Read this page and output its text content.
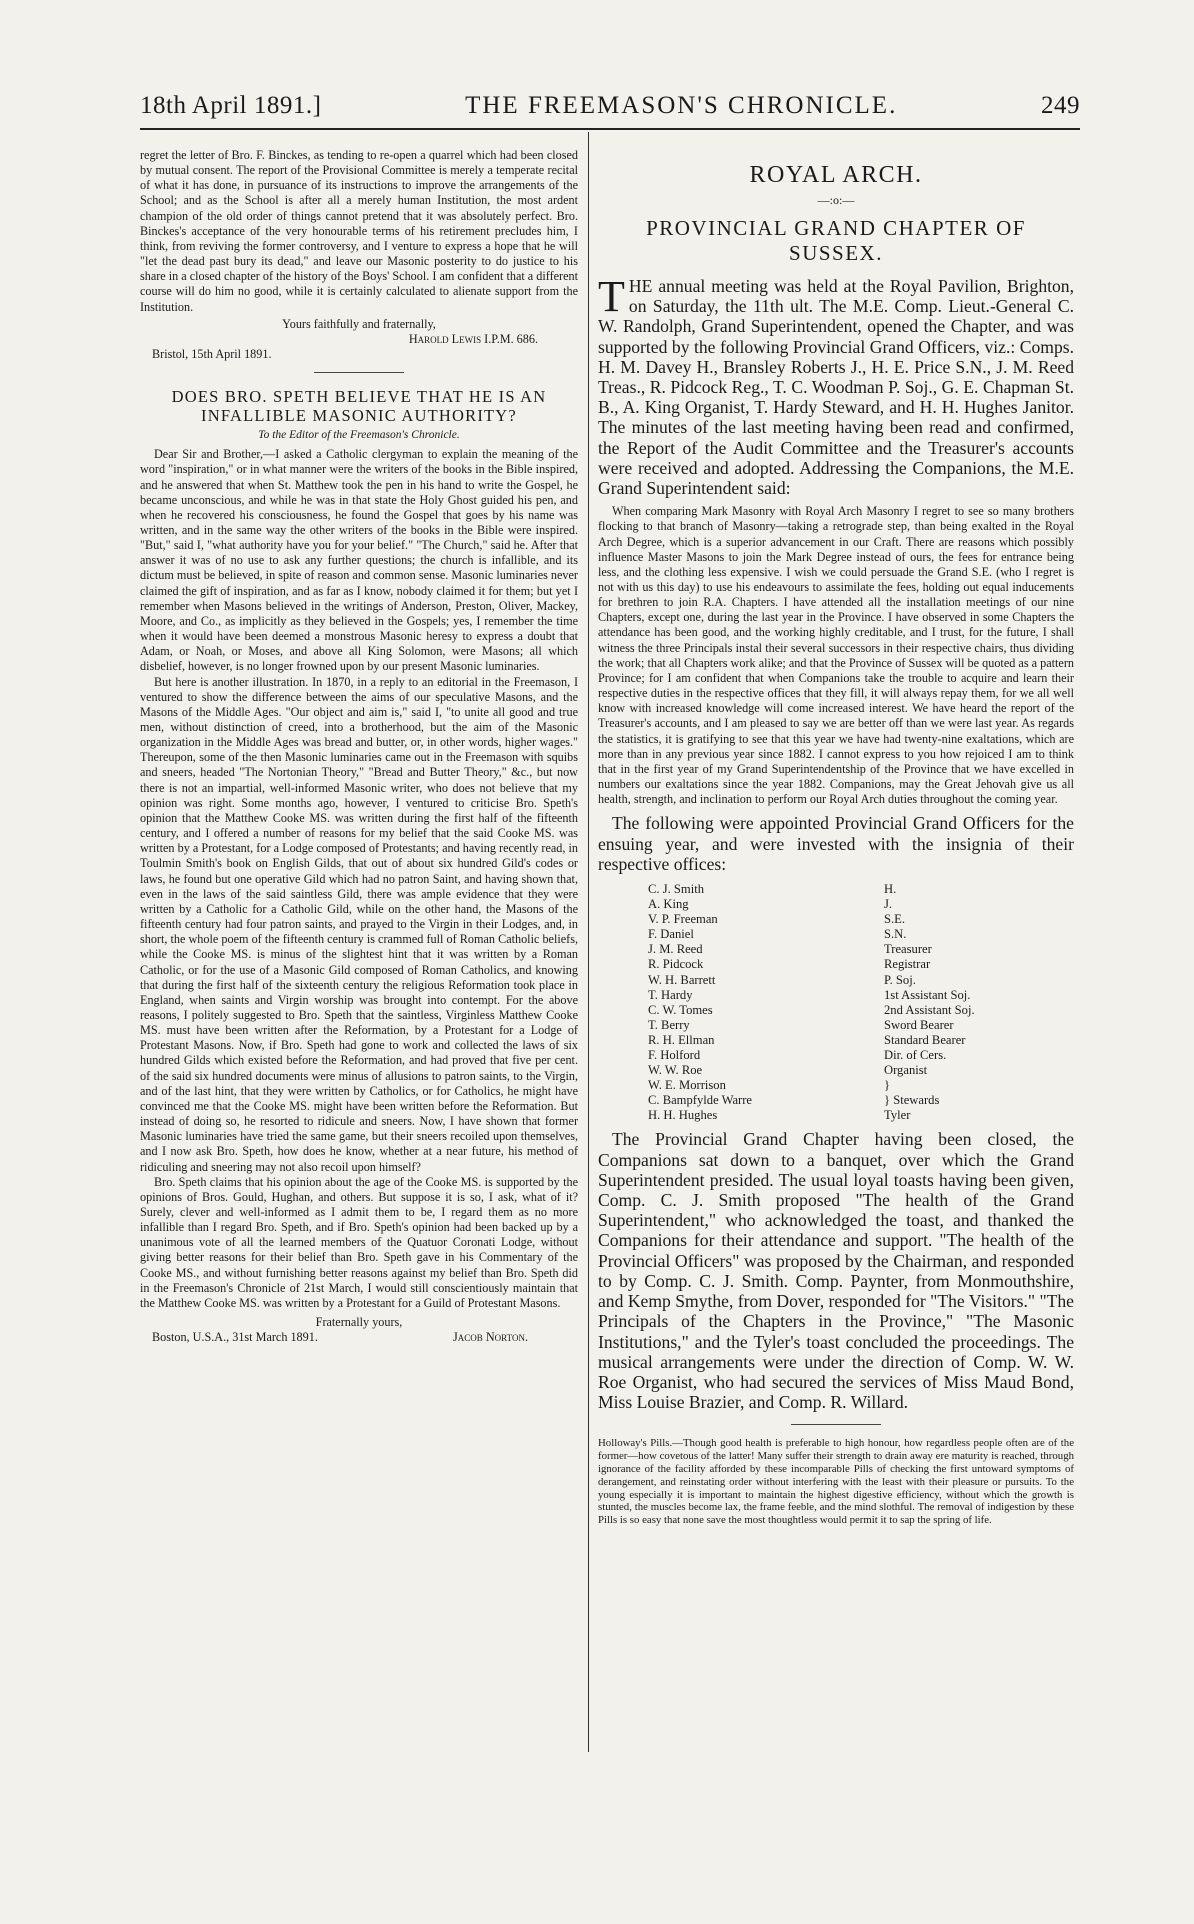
18th April 1891.]	THE FREEMASON'S CHRONICLE.	249

regret the letter of Bro. F. Binckes, as tending to re-open a quarrel which had been closed by mutual consent. The report of the Provisional Committee is merely a temperate recital of what it has done, in pursuance of its instructions to improve the arrangements of the School; and as the School is after all a merely human Institution, the most ardent champion of the old order of things cannot pretend that it was absolutely perfect. Bro. Binckes's acceptance of the very honourable terms of his retirement precludes him, I think, from reviving the former controversy, and I venture to express a hope that he will "let the dead past bury its dead," and leave our Masonic posterity to do justice to his share in a closed chapter of the history of the Boys' School. I am confident that a different course will do him no good, while it is certainly calculated to alienate support from the Institution.

Yours faithfully and fraternally,

Harold Lewis I.P.M. 686.

Bristol, 15th April 1891.

DOES BRO. SPETH BELIEVE THAT HE IS AN INFALLIBLE MASONIC AUTHORITY?
To the Editor of the Freemason's Chronicle.

Dear Sir and Brother,—I asked a Catholic clergyman to explain the meaning of the word "inspiration," or in what manner were the writers of the books in the Bible inspired, and he answered that when St. Matthew took the pen in his hand to write the Gospel, he became unconscious, and while he was in that state the Holy Ghost guided his pen, and when he recovered his consciousness, he found the Gospel that goes by his name was written, and in the same way the other writers of the books in the Bible were inspired. "But," said I, "what authority have you for your belief." "The Church," said he. After that answer it was of no use to ask any further questions; the church is infallible, and its dictum must be believed, in spite of reason and common sense. Masonic luminaries never claimed the gift of inspiration, and as far as I know, nobody claimed it for them; but yet I remember when Masons believed in the writings of Anderson, Preston, Oliver, Mackey, Moore, and Co., as implicitly as they believed in the Gospels; yes, I remember the time when it would have been deemed a monstrous Masonic heresy to express a doubt that Adam, or Noah, or Moses, and above all King Solomon, were Masons; all which disbelief, however, is no longer frowned upon by our present Masonic luminaries.

But here is another illustration. In 1870, in a reply to an editorial in the Freemason, I ventured to show the difference between the aims of our speculative Masons, and the Masons of the Middle Ages. "Our object and aim is," said I, "to unite all good and true men, without distinction of creed, into a brotherhood, but the aim of the Masonic organization in the Middle Ages was bread and butter, or, in other words, higher wages." Thereupon, some of the then Masonic luminaries came out in the Freemason with squibs and sneers, headed "The Nortonian Theory," "Bread and Butter Theory," &c., but now there is not an impartial, well-informed Masonic writer, who does not believe that my opinion was right. Some months ago, however, I ventured to criticise Bro. Speth's opinion that the Matthew Cooke MS. was written during the first half of the fifteenth century, and I offered a number of reasons for my belief that the said Cooke MS. was written by a Protestant, for a Lodge composed of Protestants; and having recently read, in Toulmin Smith's book on English Gilds, that out of about six hundred Gild's codes or laws, he found but one operative Gild which had no patron Saint, and having shown that, even in the laws of the said saintless Gild, there was ample evidence that they were written by a Catholic for a Catholic Gild, while on the other hand, the Masons of the fifteenth century had four patron saints, and prayed to the Virgin in their Lodges, and, in short, the whole poem of the fifteenth century is crammed full of Roman Catholic beliefs, while the Cooke MS. is minus of the slightest hint that it was written by a Roman Catholic, or for the use of a Masonic Gild composed of Roman Catholics, and knowing that during the first half of the sixteenth century the religious Reformation took place in England, when saints and Virgin worship was brought into contempt. For the above reasons, I politely suggested to Bro. Speth that the saintless, Virginless Matthew Cooke MS. must have been written after the Reformation, by a Protestant for a Lodge of Protestant Masons. Now, if Bro. Speth had gone to work and collected the laws of six hundred Gilds which existed before the Reformation, and had proved that five per cent. of the said six hundred documents were minus of allusions to patron saints, to the Virgin, and of the last hint, that they were written by Catholics, or for Catholics, he might have convinced me that the Cooke MS. might have been written before the Reformation. But instead of doing so, he resorted to ridicule and sneers. Now, I have shown that former Masonic luminaries have tried the same game, but their sneers recoiled upon themselves, and I now ask Bro. Speth, how does he know, whether at a near future, his method of ridiculing and sneering may not also recoil upon himself?

Bro. Speth claims that his opinion about the age of the Cooke MS. is supported by the opinions of Bros. Gould, Hughan, and others. But suppose it is so, I ask, what of it? Surely, clever and well-informed as I admit them to be, I regard them as no more infallible than I regard Bro. Speth, and if Bro. Speth's opinion had been backed up by a unanimous vote of all the learned members of the Quatuor Coronati Lodge, without giving better reasons for their belief than Bro. Speth gave in his Commentary of the Cooke MS., and without furnishing better reasons against my belief than Bro. Speth did in the Freemason's Chronicle of 21st March, I would still conscientiously maintain that the Matthew Cooke MS. was written by a Protestant for a Guild of Protestant Masons.

Fraternally yours,

Boston, U.S.A., 31st March 1891.	Jacob Norton.
ROYAL ARCH.
—:o:—
PROVINCIAL GRAND CHAPTER OF SUSSEX.

THE annual meeting was held at the Royal Pavilion, Brighton, on Saturday, the 11th ult. The M.E. Comp. Lieut.-General C. W. Randolph, Grand Superintendent, opened the Chapter, and was supported by the following Provincial Grand Officers, viz.: Comps. H. M. Davey H., Bransley Roberts J., H. E. Price S.N., J. M. Reed Treas., R. Pidcock Reg., T. C. Woodman P. Soj., G. E. Chapman St. B., A. King Organist, T. Hardy Steward, and H. H. Hughes Janitor. The minutes of the last meeting having been read and confirmed, the Report of the Audit Committee and the Treasurer's accounts were received and adopted. Addressing the Companions, the M.E. Grand Superintendent said:

When comparing Mark Masonry with Royal Arch Masonry I regret to see so many brothers flocking to that branch of Masonry—taking a retrograde step, than being exalted in the Royal Arch Degree, which is a superior advancement in our Craft. There are reasons which possibly influence Master Masons to join the Mark Degree instead of ours, the fees for entrance being less, and the clothing less expensive. I wish we could persuade the Grand S.E. (who I regret is not with us this day) to use his endeavours to assimilate the fees, holding out equal inducements for brethren to join R.A. Chapters. I have attended all the installation meetings of our nine Chapters, except one, during the last year in the Province. I have observed in some Chapters the attendance has been good, and the working highly creditable, and I trust, for the future, I shall witness the three Principals instal their several successors in their respective chairs, thus dividing the work; that all Chapters work alike; and that the Province of Sussex will be quoted as a pattern Province; for I am confident that when Companions take the trouble to acquire and learn their respective duties in the respective offices that they fill, it will always repay them, for we all well know with increased knowledge will come increased interest. We have heard the report of the Treasurer's accounts, and I am pleased to say we are better off than we were last year. As regards the statistics, it is gratifying to see that this year we have had twenty-nine exaltations, which are more than in any previous year since 1882. I cannot express to you how rejoiced I am to think that in the first year of my Grand Superintendentship of the Province that we have excelled in numbers our exaltations since the year 1882. Companions, may the Great Jehovah give us all health, strength, and inclination to perform our Royal Arch duties throughout the coming year.

The following were appointed Provincial Grand Officers for the ensuing year, and were invested with the insignia of their respective offices:

C. J. Smith	H.
A. King	J.
V. P. Freeman	S.E.
F. Daniel	S.N.
J. M. Reed	Treasurer
R. Pidcock	Registrar
W. H. Barrett	P. Soj.
T. Hardy	1st Assistant Soj.
C. W. Tomes	2nd Assistant Soj.
T. Berry	Sword Bearer
R. H. Ellman	Standard Bearer
F. Holford	Dir. of Cers.
W. W. Roe	Organist
W. E. Morrison	}
C. Bampfylde Warre	} Stewards
H. H. Hughes	Tyler

The Provincial Grand Chapter having been closed, the Companions sat down to a banquet, over which the Grand Superintendent presided. The usual loyal toasts having been given, Comp. C. J. Smith proposed "The health of the Grand Superintendent," who acknowledged the toast, and thanked the Companions for their attendance and support. "The health of the Provincial Officers" was proposed by the Chairman, and responded to by Comp. C. J. Smith. Comp. Paynter, from Monmouthshire, and Kemp Smythe, from Dover, responded for "The Visitors." "The Principals of the Chapters in the Province," "The Masonic Institutions," and the Tyler's toast concluded the proceedings. The musical arrangements were under the direction of Comp. W. W. Roe Organist, who had secured the services of Miss Maud Bond, Miss Louise Brazier, and Comp. R. Willard.

Holloway's Pills.—Though good health is preferable to high honour, how regardless people often are of the former—how covetous of the latter! Many suffer their strength to drain away ere maturity is reached, through ignorance of the facility afforded by these incomparable Pills of checking the first untoward symptoms of derangement, and reinstating order without interfering with the least with their pleasure or pursuits. To the young especially it is important to maintain the highest digestive efficiency, without which the growth is stunted, the muscles become lax, the frame feeble, and the mind slothful. The removal of indigestion by these Pills is so easy that none save the most thoughtless would permit it to sap the spring of life.
